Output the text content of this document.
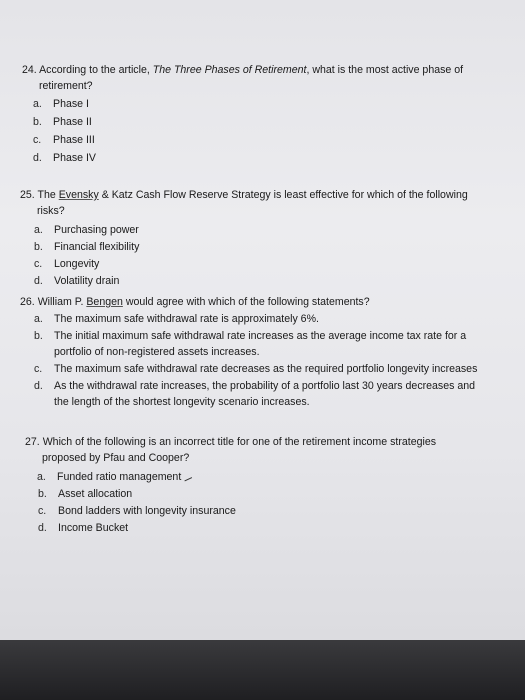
24. According to the article, The Three Phases of Retirement, what is the most active phase of
retirement?
a. Phase I
b. Phase II
c. Phase III
d. Phase IV
25. The Evensky & Katz Cash Flow Reserve Strategy is least effective for which of the following
risks?
a. Purchasing power
b. Financial flexibility
c. Longevity
d. Volatility drain
26. William P. Bengen would agree with which of the following statements?
a. The maximum safe withdrawal rate is approximately 6%.
b. The initial maximum safe withdrawal rate increases as the average income tax rate for a
portfolio of non-registered assets increases.
c. The maximum safe withdrawal rate decreases as the required portfolio longevity increases
d. As the withdrawal rate increases, the probability of a portfolio last 30 years decreases and
the length of the shortest longevity scenario increases.
27. Which of the following is an incorrect title for one of the retirement income strategies
proposed by Pfau and Cooper?
a. Funded ratio management
b. Asset allocation
c. Bond ladders with longevity insurance
d. Income Bucket
